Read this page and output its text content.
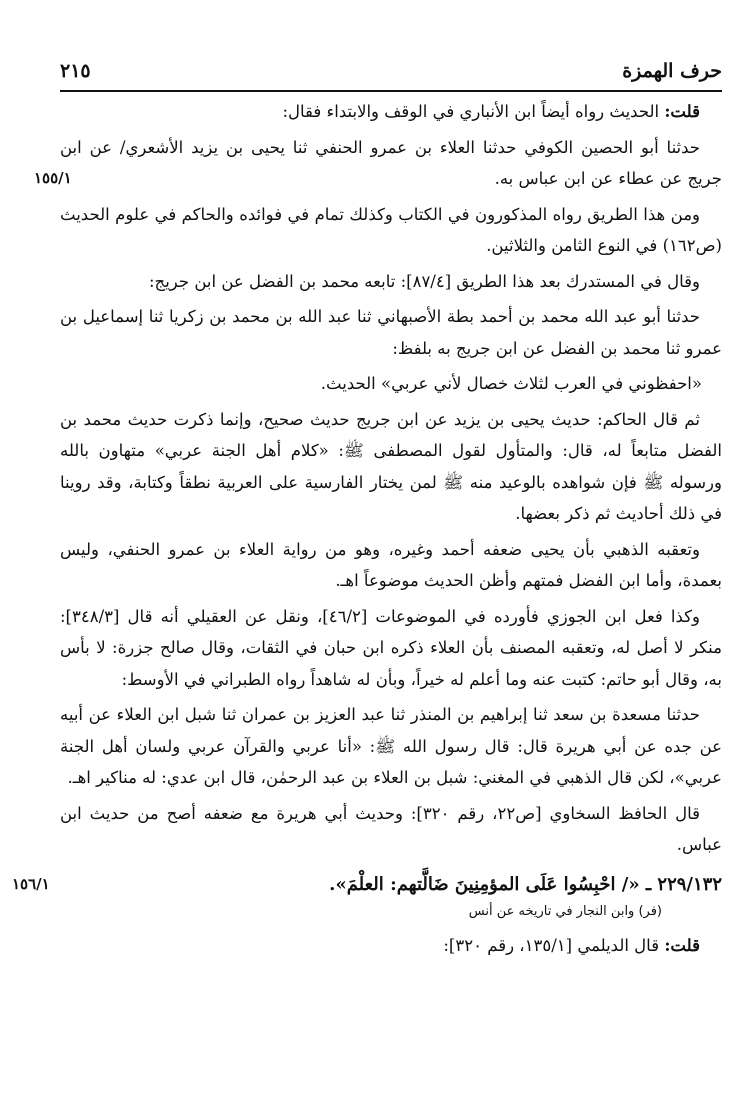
حرف الهمزة
٢١٥

قلت: الحديث رواه أيضاً ابن الأنباري في الوقف والابتداء فقال:

حدثنا أبو الحصين الكوفي حدثنا العلاء بن عمرو الحنفي ثنا يحيى بن يزيد الأشعري/ عن ابن جريج عن عطاء عن ابن عباس به.
١٥٥/١

ومن هذا الطريق رواه المذكورون في الكتاب وكذلك تمام في فوائده والحاكم في علوم الحديث (ص١٦٢) في النوع الثامن والثلاثين.

وقال في المستدرك بعد هذا الطريق [٨٧/٤]: تابعه محمد بن الفضل عن ابن جريج:

حدثنا أبو عبد الله محمد بن أحمد بطة الأصبهاني ثنا عبد الله بن محمد بن زكريا ثنا إسماعيل بن عمرو ثنا محمد بن الفضل عن ابن جريج به بلفظ:

«احفظوني في العرب لثلاث خصال لأني عربي» الحديث.

ثم قال الحاكم: حديث يحيى بن يزيد عن ابن جريج حديث صحيح، وإنما ذكرت حديث محمد بن الفضل متابعاً له، قال: والمتأول لقول المصطفى ﷺ: «كلام أهل الجنة عربي» متهاون بالله ورسوله ﷺ فإن شواهده بالوعيد منه ﷺ لمن يختار الفارسية على العربية نطقاً وكتابة، وقد روينا في ذلك أحاديث ثم ذكر بعضها.

وتعقبه الذهبي بأن يحيى ضعفه أحمد وغيره، وهو من رواية العلاء بن عمرو الحنفي، وليس بعمدة، وأما ابن الفضل فمتهم وأظن الحديث موضوعاً اهـ.

وكذا فعل ابن الجوزي فأورده في الموضوعات [٤٦/٢]، ونقل عن العقيلي أنه قال [٣٤٨/٣]: منكر لا أصل له، وتعقبه المصنف بأن العلاء ذكره ابن حبان في الثقات، وقال صالح جزرة: لا بأس به، وقال أبو حاتم: كتبت عنه وما أعلم له خيراً، وبأن له شاهداً رواه الطبراني في الأوسط:

حدثنا مسعدة بن سعد ثنا إبراهيم بن المنذر ثنا عبد العزيز بن عمران ثنا شبل ابن العلاء عن أبيه عن جده عن أبي هريرة قال: قال رسول الله ﷺ: «أنا عربي والقرآن عربي ولسان أهل الجنة عربي»، لكن قال الذهبي في المغني: شبل بن العلاء بن عبد الرحمٰن، قال ابن عدي: له مناكير اهـ.

قال الحافظ السخاوي [ص٢٢، رقم ٣٢٠]: وحديث أبي هريرة مع ضعفه أصح من حديث ابن عباس.

٢٢٩/١٣٢ ـ «/ احْبِسُوا عَلَى المؤمِنِينَ ضَالَّتهم: العلْمَ».
١٥٦/١

(فر) وابن النجار في تاريخه عن أنس

قلت: قال الديلمي [١٣٥/١، رقم ٣٢٠]:
